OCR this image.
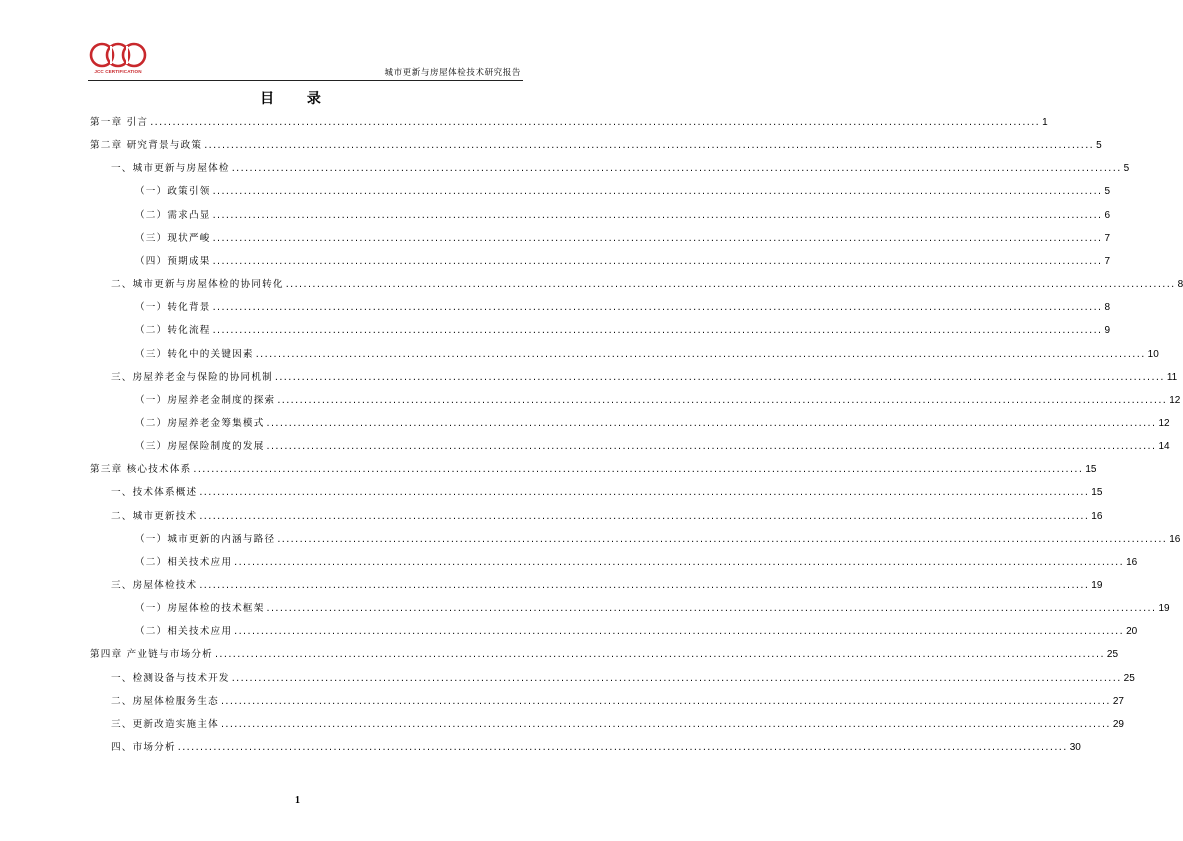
JCC CERTIFICATION	城市更新与房屋体检技术研究报告
目 录
第一章 引言 ........................................................................................................................................................................................................ 1
第二章 研究背景与政策 ........................................................................................................................................................................................................ 5
一、城市更新与房屋体检 ........................................................................................................................................................................................................ 5
（一）政策引领 ........................................................................................................................................................................................................ 5
（二）需求凸显 ........................................................................................................................................................................................................ 6
（三）现状严峻 ........................................................................................................................................................................................................ 7
（四）预期成果 ........................................................................................................................................................................................................ 7
二、城市更新与房屋体检的协同转化 ........................................................................................................................................................................................................ 8
（一）转化背景 ........................................................................................................................................................................................................ 8
（二）转化流程 ........................................................................................................................................................................................................ 9
（三）转化中的关键因素 ........................................................................................................................................................................................................ 10
三、房屋养老金与保险的协同机制 ........................................................................................................................................................................................................ 11
（一）房屋养老金制度的探索 ........................................................................................................................................................................................................ 12
（二）房屋养老金筹集模式 ........................................................................................................................................................................................................ 12
（三）房屋保险制度的发展 ........................................................................................................................................................................................................ 14
第三章 核心技术体系 ........................................................................................................................................................................................................ 15
一、技术体系概述 ........................................................................................................................................................................................................ 15
二、城市更新技术 ........................................................................................................................................................................................................ 16
（一）城市更新的内涵与路径 ........................................................................................................................................................................................................ 16
（二）相关技术应用 ........................................................................................................................................................................................................ 16
三、房屋体检技术 ........................................................................................................................................................................................................ 19
（一）房屋体检的技术框架 ........................................................................................................................................................................................................ 19
（二）相关技术应用 ........................................................................................................................................................................................................ 20
第四章 产业链与市场分析 ........................................................................................................................................................................................................ 25
一、检测设备与技术开发 ........................................................................................................................................................................................................ 25
二、房屋体检服务生态 ........................................................................................................................................................................................................ 27
三、更新改造实施主体 ........................................................................................................................................................................................................ 29
四、市场分析 ........................................................................................................................................................................................................ 30
1
